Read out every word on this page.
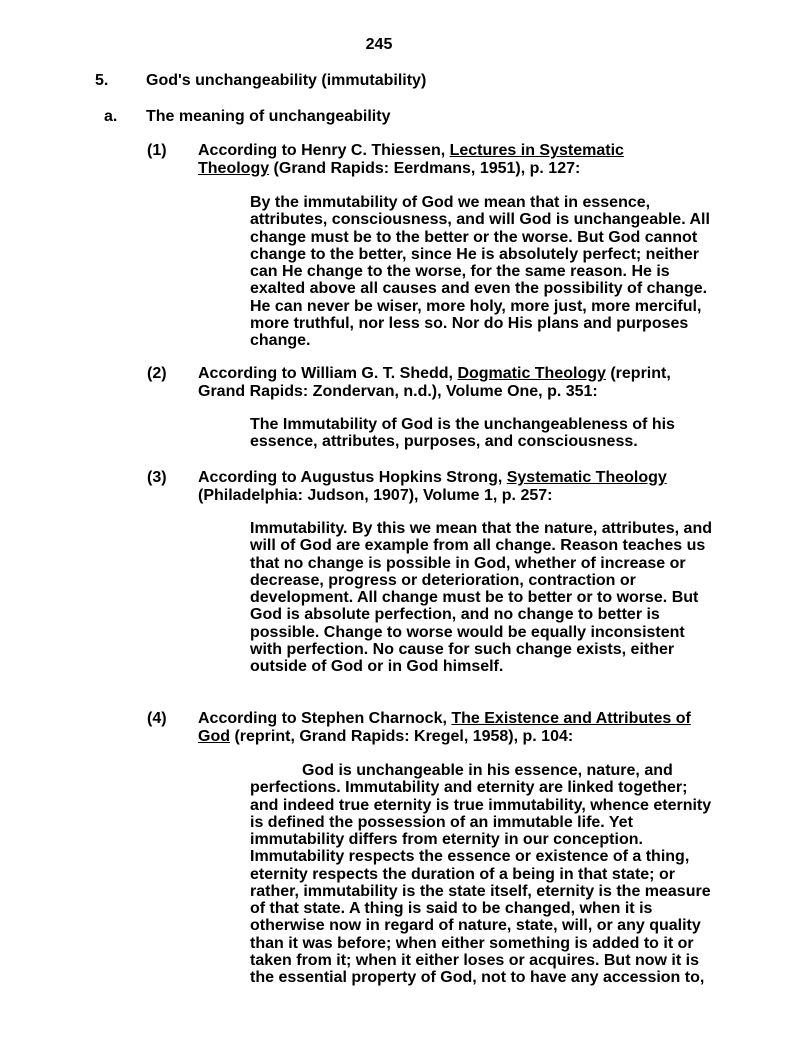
245
5. God's unchangeability (immutability)
a. The meaning of unchangeability
(1) According to Henry C. Thiessen, Lectures in Systematic Theology (Grand Rapids: Eerdmans, 1951), p. 127:
By the immutability of God we mean that in essence, attributes, consciousness, and will God is unchangeable. All change must be to the better or the worse. But God cannot change to the better, since He is absolutely perfect; neither can He change to the worse, for the same reason. He is exalted above all causes and even the possibility of change. He can never be wiser, more holy, more just, more merciful, more truthful, nor less so. Nor do His plans and purposes change.
(2) According to William G. T. Shedd, Dogmatic Theology (reprint, Grand Rapids: Zondervan, n.d.), Volume One, p. 351:
The Immutability of God is the unchangeableness of his essence, attributes, purposes, and consciousness.
(3) According to Augustus Hopkins Strong, Systematic Theology (Philadelphia: Judson, 1907), Volume 1, p. 257:
Immutability. By this we mean that the nature, attributes, and will of God are example from all change. Reason teaches us that no change is possible in God, whether of increase or decrease, progress or deterioration, contraction or development. All change must be to better or to worse. But God is absolute perfection, and no change to better is possible. Change to worse would be equally inconsistent with perfection. No cause for such change exists, either outside of God or in God himself.
(4) According to Stephen Charnock, The Existence and Attributes of God (reprint, Grand Rapids: Kregel, 1958), p. 104:
God is unchangeable in his essence, nature, and perfections. Immutability and eternity are linked together; and indeed true eternity is true immutability, whence eternity is defined the possession of an immutable life. Yet immutability differs from eternity in our conception. Immutability respects the essence or existence of a thing, eternity respects the duration of a being in that state; or rather, immutability is the state itself, eternity is the measure of that state. A thing is said to be changed, when it is otherwise now in regard of nature, state, will, or any quality than it was before; when either something is added to it or taken from it; when it either loses or acquires. But now it is the essential property of God, not to have any accession to,
